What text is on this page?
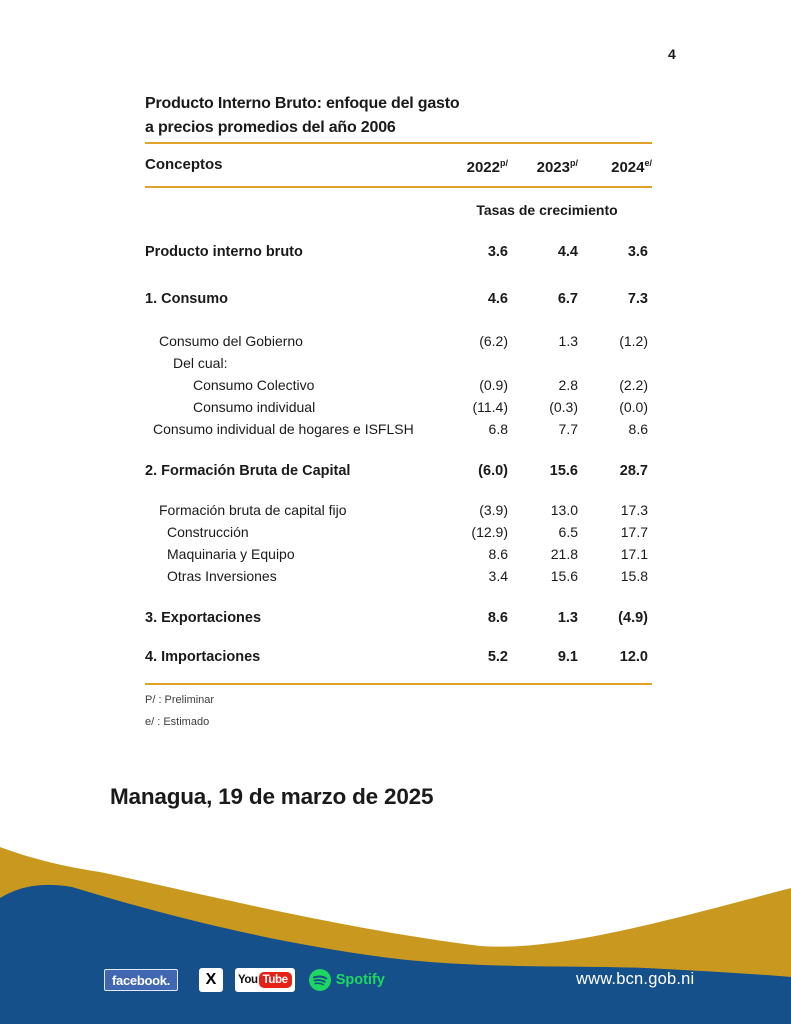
4
Producto Interno Bruto: enfoque del gasto
a precios promedios del año 2006
Conceptos	$2022^{p/}$	$2023^{p/}$	$2024^{e/}$
	Tasas de crecimiento		
Producto interno bruto	3.6	4.4	3.6
1. Consumo	4.6	6.7	7.3
Consumo del Gobierno	(6.2)	1.3	(1.2)
Del cual:			
Consumo Colectivo	(0.9)	2.8	(2.2)
Consumo individual	(11.4)	(0.3)	(0.0)
Consumo individual de hogares e ISFLSH	6.8	7.7	8.6
2. Formación Bruta de Capital	(6.0)	15.6	28.7
Formación bruta de capital fijo	(3.9)	13.0	17.3
Construcción	(12.9)	6.5	17.7
Maquinaria y Equipo	8.6	21.8	17.1
Otras Inversiones	3.4	15.6	15.8
3. Exportaciones	8.6	1.3	(4.9)
4. Importaciones	5.2	9.1	12.0
P/ : Preliminar
e/ : Estimado
Managua, 19 de marzo de 2025
facebook.	X	You Tube	Spotify	www.bcn.gob.ni
